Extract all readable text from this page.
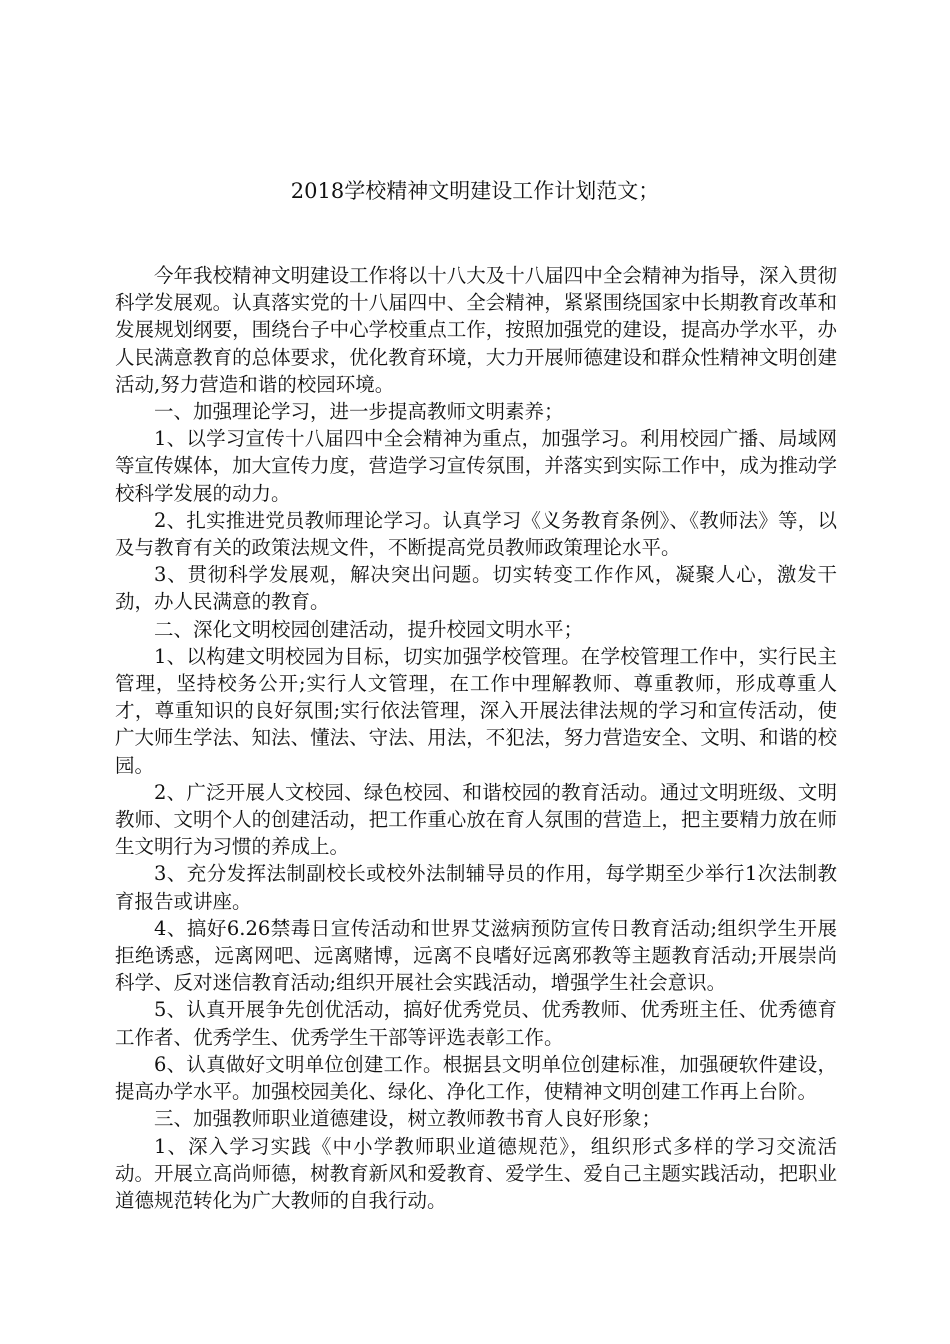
2018学校精神文明建设工作计划范文；

今年我校精神文明建设工作将以十八大及十八届四中全会精神为指导，深入贯彻科学发展观。认真落实党的十八届四中、全会精神，紧紧围绕国家中长期教育改革和发展规划纲要，围绕台子中心学校重点工作，按照加强党的建设，提高办学水平，办人民满意教育的总体要求，优化教育环境，大力开展师德建设和群众性精神文明创建活动,努力营造和谐的校园环境。

一、加强理论学习，进一步提高教师文明素养；

1、以学习宣传十八届四中全会精神为重点，加强学习。利用校园广播、局域网等宣传媒体，加大宣传力度，营造学习宣传氛围，并落实到实际工作中，成为推动学校科学发展的动力。

2、扎实推进党员教师理论学习。认真学习《义务教育条例》、《教师法》等，以及与教育有关的政策法规文件，不断提高党员教师政策理论水平。

3、贯彻科学发展观，解决突出问题。切实转变工作作风，凝聚人心，激发干劲，办人民满意的教育。

二、深化文明校园创建活动，提升校园文明水平；

1、以构建文明校园为目标，切实加强学校管理。在学校管理工作中，实行民主管理，坚持校务公开;实行人文管理，在工作中理解教师、尊重教师，形成尊重人才，尊重知识的良好氛围;实行依法管理，深入开展法律法规的学习和宣传活动，使广大师生学法、知法、懂法、守法、用法，不犯法，努力营造安全、文明、和谐的校园。

2、广泛开展人文校园、绿色校园、和谐校园的教育活动。通过文明班级、文明教师、文明个人的创建活动，把工作重心放在育人氛围的营造上，把主要精力放在师生文明行为习惯的养成上。

3、充分发挥法制副校长或校外法制辅导员的作用，每学期至少举行1次法制教育报告或讲座。

4、搞好6.26禁毒日宣传活动和世界艾滋病预防宣传日教育活动;组织学生开展拒绝诱惑，远离网吧、远离赌博，远离不良嗜好远离邪教等主题教育活动;开展崇尚科学、反对迷信教育活动;组织开展社会实践活动，增强学生社会意识。

5、认真开展争先创优活动，搞好优秀党员、优秀教师、优秀班主任、优秀德育工作者、优秀学生、优秀学生干部等评选表彰工作。

6、认真做好文明单位创建工作。根据县文明单位创建标准，加强硬软件建设，提高办学水平。加强校园美化、绿化、净化工作，使精神文明创建工作再上台阶。

三、加强教师职业道德建设，树立教师教书育人良好形象；

1、深入学习实践《中小学教师职业道德规范》，组织形式多样的学习交流活动。开展立高尚师德，树教育新风和爱教育、爱学生、爱自己主题实践活动，把职业道德规范转化为广大教师的自我行动。
